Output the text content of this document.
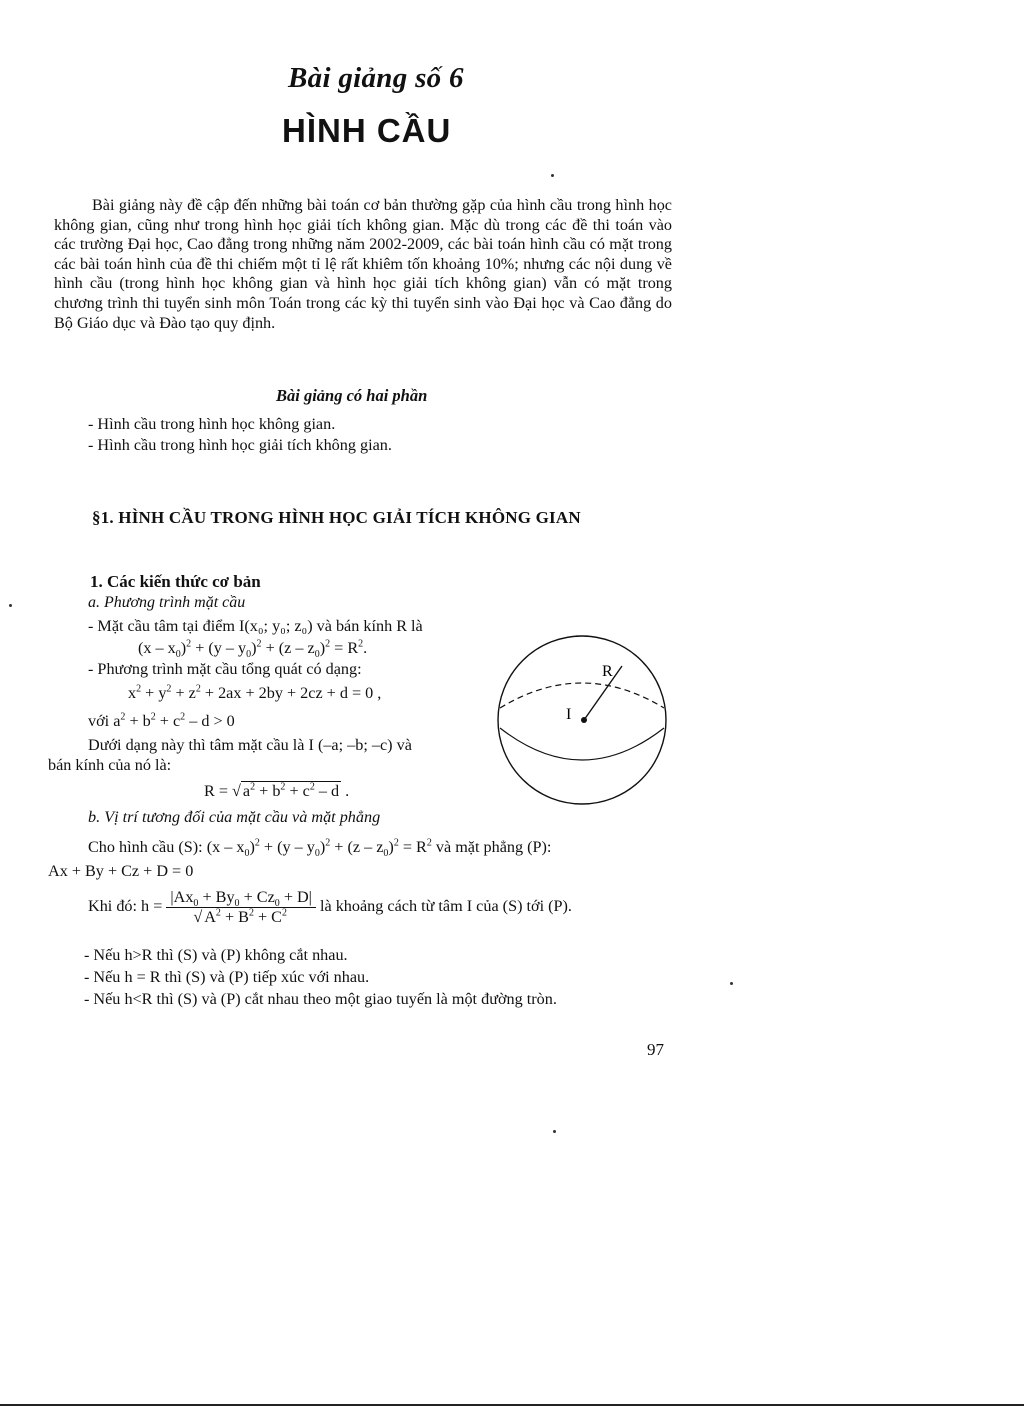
Bài giảng số 6
HÌNH CẦU
Bài giảng này đề cập đến những bài toán cơ bản thường gặp của hình cầu trong hình học không gian, cũng như trong hình học giải tích không gian. Mặc dù trong các đề thi toán vào các trường Đại học, Cao đẳng trong những năm 2002-2009, các bài toán hình cầu có mặt trong các bài toán hình của đề thi chiếm một tỉ lệ rất khiêm tốn khoảng 10%; nhưng các nội dung về hình cầu (trong hình học không gian và hình học giải tích không gian) vẫn có mặt trong chương trình thi tuyển sinh môn Toán trong các kỳ thi tuyển sinh vào Đại học và Cao đẳng do Bộ Giáo dục và Đào tạo quy định.
Bài giảng có hai phần
- Hình cầu trong hình học không gian.
- Hình cầu trong hình học giải tích không gian.
§1. HÌNH CẦU TRONG HÌNH HỌC GIẢI TÍCH KHÔNG GIAN
1. Các kiến thức cơ bản
a. Phương trình mặt cầu
- Mặt cầu tâm tại điểm I(x₀; y₀; z₀) và bán kính R là
$(x - x_0)^2 + (y - y_0)^2 + (z - z_0)^2 = R^2$.
- Phương trình mặt cầu tổng quát có dạng:
$x^2 + y^2 + z^2 + 2ax + 2by + 2cz + d = 0$ ,
với $a^2 + b^2 + c^2 - d > 0$
Dưới dạng này thì tâm mặt cầu là I (–a; –b; –c) và
bán kính của nó là:
R = √ $a^2 + b^2 + c^2 - d$ .
b. Vị trí tương đối của mặt cầu và mặt phẳng
Cho hình cầu (S): $(x - x_0)^2 + (y - y_0)^2 + (z - z_0)^2 = R^2$ và mặt phẳng (P):
Ax + By + Cz + D = 0
Khi đó: $h = \frac{|Ax_0 + By_0 + Cz_0 + D|}{√ A^2 + B^2 + C^2}$ là khoảng cách từ tâm I của (S) tới (P).
- Nếu h>R thì (S) và (P) không cắt nhau.
- Nếu h = R thì (S) và (P) tiếp xúc với nhau.
- Nếu h<R thì (S) và (P) cắt nhau theo một giao tuyến là một đường tròn.
I
R
97
